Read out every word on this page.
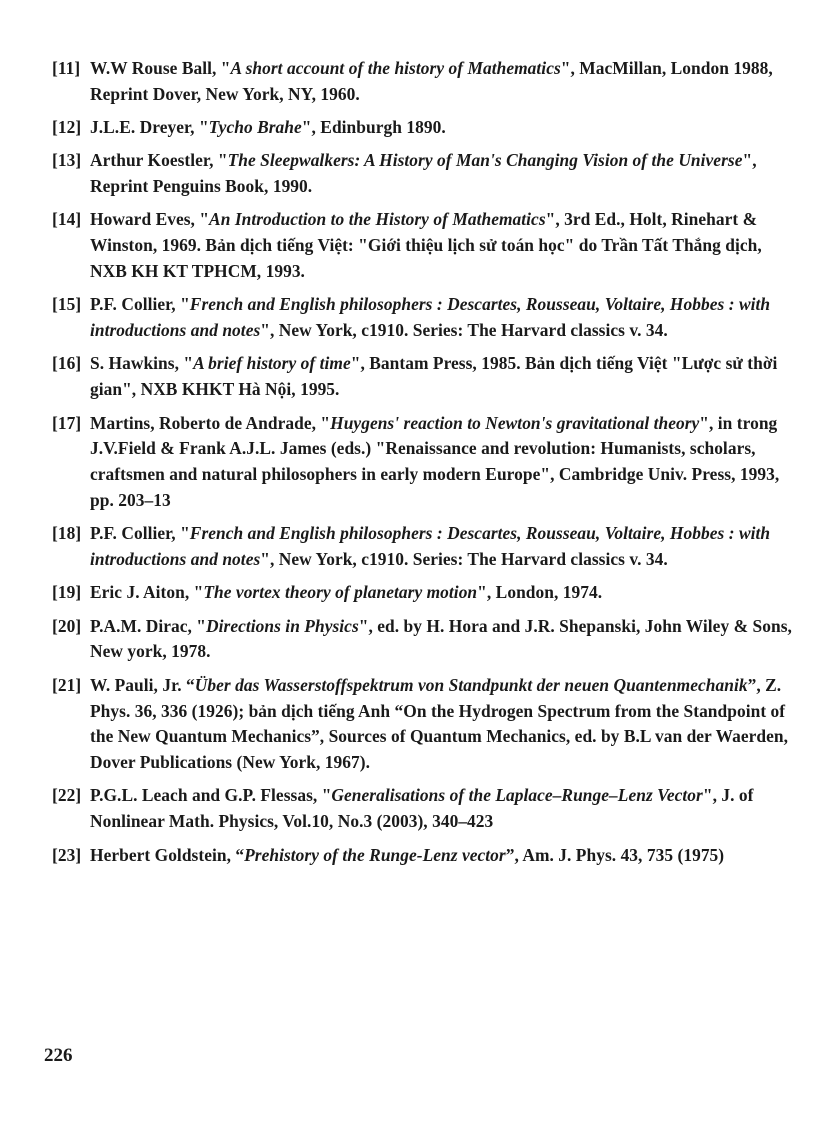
[11] W.W Rouse Ball, "A short account of the history of Mathematics", MacMillan, London 1988, Reprint Dover, New York, NY, 1960.
[12] J.L.E. Dreyer, "Tycho Brahe", Edinburgh 1890.
[13] Arthur Koestler, "The Sleepwalkers: A History of Man's Changing Vision of the Universe", Reprint Penguins Book, 1990.
[14] Howard Eves, "An Introduction to the History of Mathematics", 3rd Ed., Holt, Rinehart & Winston, 1969. Bản dịch tiếng Việt: "Giới thiệu lịch sử toán học" do Trần Tất Thắng dịch, NXB KH KT TPHCM, 1993.
[15] P.F. Collier, "French and English philosophers : Descartes, Rousseau, Voltaire, Hobbes : with introductions and notes", New York, c1910. Series: The Harvard classics v. 34.
[16] S. Hawkins, "A brief history of time", Bantam Press, 1985. Bản dịch tiếng Việt "Lược sử thời gian", NXB KHKT Hà Nội, 1995.
[17] Martins, Roberto de Andrade, "Huygens' reaction to Newton's gravitational theory", in trong J.V.Field & Frank A.J.L. James (eds.) "Renaissance and revolution: Humanists, scholars, craftsmen and natural philosophers in early modern Europe", Cambridge Univ. Press, 1993, pp. 203–13
[18] P.F. Collier, "French and English philosophers : Descartes, Rousseau, Voltaire, Hobbes : with introductions and notes", New York, c1910. Series: The Harvard classics v. 34.
[19] Eric J. Aiton, "The vortex theory of planetary motion", London, 1974.
[20] P.A.M. Dirac, "Directions in Physics", ed. by H. Hora and J.R. Shepanski, John Wiley & Sons, New york, 1978.
[21] W. Pauli, Jr. “Über das Wasserstoffspektrum von Standpunkt der neuen Quantenmechanik”, Z. Phys. 36, 336 (1926); bản dịch tiếng Anh “On the Hydrogen Spectrum from the Standpoint of the New Quantum Mechanics”, Sources of Quantum Mechanics, ed. by B.L van der Waerden, Dover Publications (New York, 1967).
[22] P.G.L. Leach and G.P. Flessas, "Generalisations of the Laplace–Runge–Lenz Vector", J. of Nonlinear Math. Physics, Vol.10, No.3 (2003), 340–423
[23] Herbert Goldstein, “Prehistory of the Runge-Lenz vector”, Am. J. Phys. 43, 735 (1975)
226
